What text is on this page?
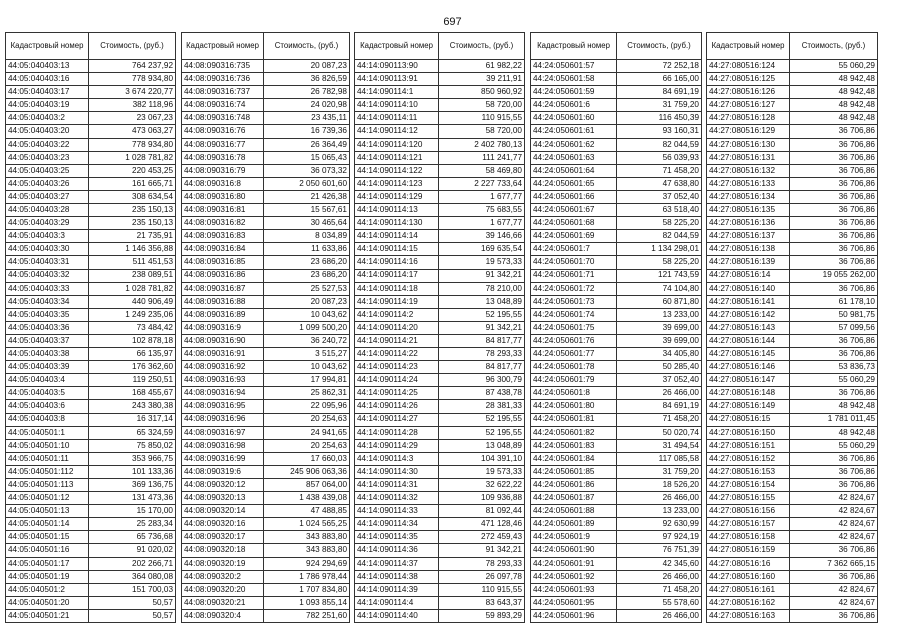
697
Кадастровый номер	Стоимость, (руб.)
44:05:040403:13	764 237,92
44:05:040403:16	778 934,80
44:05:040403:17	3 674 220,77
44:05:040403:19	382 118,96
44:05:040403:2	23 067,23
44:05:040403:20	473 063,27
44:05:040403:22	778 934,80
44:05:040403:23	1 028 781,82
44:05:040403:25	220 453,25
44:05:040403:26	161 665,71
44:05:040403:27	308 634,54
44:05:040403:28	235 150,13
44:05:040403:29	235 150,13
44:05:040403:3	21 735,91
44:05:040403:30	1 146 356,88
44:05:040403:31	511 451,53
44:05:040403:32	238 089,51
44:05:040403:33	1 028 781,82
44:05:040403:34	440 906,49
44:05:040403:35	1 249 235,06
44:05:040403:36	73 484,42
44:05:040403:37	102 878,18
44:05:040403:38	66 135,97
44:05:040403:39	176 362,60
44:05:040403:4	119 250,51
44:05:040403:5	168 455,67
44:05:040403:6	243 380,38
44:05:040403:8	16 317,14
44:05:040501:1	65 324,59
44:05:040501:10	75 850,02
44:05:040501:11	353 966,75
44:05:040501:112	101 133,36
44:05:040501:113	369 136,75
44:05:040501:12	131 473,36
44:05:040501:13	15 170,00
44:05:040501:14	25 283,34
44:05:040501:15	65 736,68
44:05:040501:16	91 020,02
44:05:040501:17	202 266,71
44:05:040501:19	364 080,08
44:05:040501:2	151 700,03
44:05:040501:20	50,57
44:05:040501:21	50,57
Кадастровый номер	Стоимость, (руб.)
44:08:090316:735	20 087,23
44:08:090316:736	36 826,59
44:08:090316:737	26 782,98
44:08:090316:74	24 020,98
44:08:090316:748	23 435,11
44:08:090316:76	16 739,36
44:08:090316:77	26 364,49
44:08:090316:78	15 065,43
44:08:090316:79	36 073,32
44:08:090316:8	2 050 601,60
44:08:090316:80	21 426,38
44:08:090316:81	15 567,61
44:08:090316:82	30 465,64
44:08:090316:83	8 034,89
44:08:090316:84	11 633,86
44:08:090316:85	23 686,20
44:08:090316:86	23 686,20
44:08:090316:87	25 527,53
44:08:090316:88	20 087,23
44:08:090316:89	10 043,62
44:08:090316:9	1 099 500,20
44:08:090316:90	36 240,72
44:08:090316:91	3 515,27
44:08:090316:92	10 043,62
44:08:090316:93	17 994,81
44:08:090316:94	25 862,31
44:08:090316:95	22 095,96
44:08:090316:96	20 254,63
44:08:090316:97	24 941,65
44:08:090316:98	20 254,63
44:08:090316:99	17 660,03
44:08:090319:6	245 906 063,36
44:08:090320:12	857 064,00
44:08:090320:13	1 438 439,08
44:08:090320:14	47 488,85
44:08:090320:16	1 024 565,25
44:08:090320:17	343 883,80
44:08:090320:18	343 883,80
44:08:090320:19	924 294,69
44:08:090320:2	1 786 978,44
44:08:090320:20	1 707 834,80
44:08:090320:21	1 093 855,14
44:08:090320:4	782 251,60
Кадастровый номер	Стоимость, (руб.)
44:14:090113:90	61 982,22
44:14:090113:91	39 211,91
44:14:090114:1	850 960,92
44:14:090114:10	58 720,00
44:14:090114:11	110 915,55
44:14:090114:12	58 720,00
44:14:090114:120	2 402 780,13
44:14:090114:121	111 241,77
44:14:090114:122	58 469,80
44:14:090114:123	2 227 733,64
44:14:090114:129	1 677,77
44:14:090114:13	75 683,55
44:14:090114:130	1 677,77
44:14:090114:14	39 146,66
44:14:090114:15	169 635,54
44:14:090114:16	19 573,33
44:14:090114:17	91 342,21
44:14:090114:18	78 210,00
44:14:090114:19	13 048,89
44:14:090114:2	52 195,55
44:14:090114:20	91 342,21
44:14:090114:21	84 817,77
44:14:090114:22	78 293,33
44:14:090114:23	84 817,77
44:14:090114:24	96 300,79
44:14:090114:25	87 438,78
44:14:090114:26	28 381,33
44:14:090114:27	52 195,55
44:14:090114:28	52 195,55
44:14:090114:29	13 048,89
44:14:090114:3	104 391,10
44:14:090114:30	19 573,33
44:14:090114:31	32 622,22
44:14:090114:32	109 936,88
44:14:090114:33	81 092,44
44:14:090114:34	471 128,46
44:14:090114:35	272 459,43
44:14:090114:36	91 342,21
44:14:090114:37	78 293,33
44:14:090114:38	26 097,78
44:14:090114:39	110 915,55
44:14:090114:4	83 643,37
44:14:090114:40	59 893,29
Кадастровый номер	Стоимость, (руб.)
44:24:050601:57	72 252,18
44:24:050601:58	66 165,00
44:24:050601:59	84 691,19
44:24:050601:6	31 759,20
44:24:050601:60	116 450,39
44:24:050601:61	93 160,31
44:24:050601:62	82 044,59
44:24:050601:63	56 039,93
44:24:050601:64	71 458,20
44:24:050601:65	47 638,80
44:24:050601:66	37 052,40
44:24:050601:67	63 518,40
44:24:050601:68	58 225,20
44:24:050601:69	82 044,59
44:24:050601:7	1 134 298,01
44:24:050601:70	58 225,20
44:24:050601:71	121 743,59
44:24:050601:72	74 104,80
44:24:050601:73	60 871,80
44:24:050601:74	13 233,00
44:24:050601:75	39 699,00
44:24:050601:76	39 699,00
44:24:050601:77	34 405,80
44:24:050601:78	50 285,40
44:24:050601:79	37 052,40
44:24:050601:8	26 466,00
44:24:050601:80	84 691,19
44:24:050601:81	71 458,20
44:24:050601:82	50 020,74
44:24:050601:83	31 494,54
44:24:050601:84	117 085,58
44:24:050601:85	31 759,20
44:24:050601:86	18 526,20
44:24:050601:87	26 466,00
44:24:050601:88	13 233,00
44:24:050601:89	92 630,99
44:24:050601:9	97 924,19
44:24:050601:90	76 751,39
44:24:050601:91	42 345,60
44:24:050601:92	26 466,00
44:24:050601:93	71 458,20
44:24:050601:95	55 578,60
44:24:050601:96	26 466,00
Кадастровый номер	Стоимость, (руб.)
44:27:080516:124	55 060,29
44:27:080516:125	48 942,48
44:27:080516:126	48 942,48
44:27:080516:127	48 942,48
44:27:080516:128	48 942,48
44:27:080516:129	36 706,86
44:27:080516:130	36 706,86
44:27:080516:131	36 706,86
44:27:080516:132	36 706,86
44:27:080516:133	36 706,86
44:27:080516:134	36 706,86
44:27:080516:135	36 706,86
44:27:080516:136	36 706,86
44:27:080516:137	36 706,86
44:27:080516:138	36 706,86
44:27:080516:139	36 706,86
44:27:080516:14	19 055 262,00
44:27:080516:140	36 706,86
44:27:080516:141	61 178,10
44:27:080516:142	50 981,75
44:27:080516:143	57 099,56
44:27:080516:144	36 706,86
44:27:080516:145	36 706,86
44:27:080516:146	53 836,73
44:27:080516:147	55 060,29
44:27:080516:148	36 706,86
44:27:080516:149	48 942,48
44:27:080516:15	1 781 011,45
44:27:080516:150	48 942,48
44:27:080516:151	55 060,29
44:27:080516:152	36 706,86
44:27:080516:153	36 706,86
44:27:080516:154	36 706,86
44:27:080516:155	42 824,67
44:27:080516:156	42 824,67
44:27:080516:157	42 824,67
44:27:080516:158	42 824,67
44:27:080516:159	36 706,86
44:27:080516:16	7 362 665,15
44:27:080516:160	36 706,86
44:27:080516:161	42 824,67
44:27:080516:162	42 824,67
44:27:080516:163	36 706,86
